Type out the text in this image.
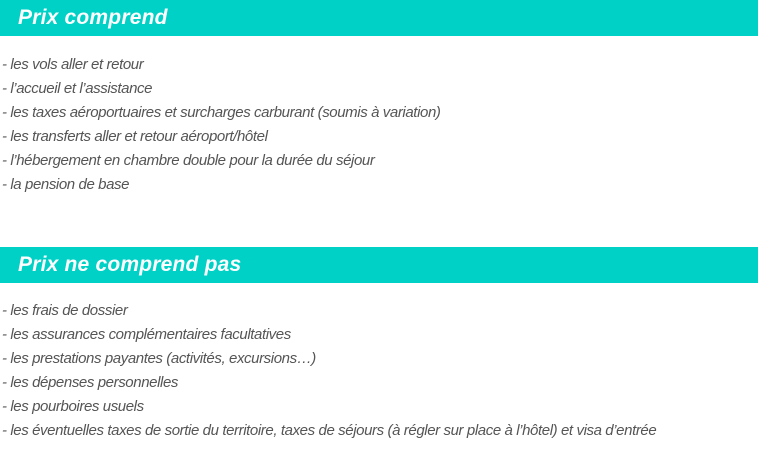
Prix comprend
- les vols aller et retour
- l’accueil et l’assistance
- les taxes aéroportuaires et surcharges carburant (soumis à variation)
- les transferts aller et retour aéroport/hôtel
- l’hébergement en chambre double pour la durée du séjour
- la pension de base
Prix ne comprend pas
- les frais de dossier
- les assurances complémentaires facultatives
- les prestations payantes (activités, excursions…)
- les dépenses personnelles
- les pourboires usuels
- les éventuelles taxes de sortie du territoire, taxes de séjours (à régler sur place à l’hôtel) et visa d’entrée
